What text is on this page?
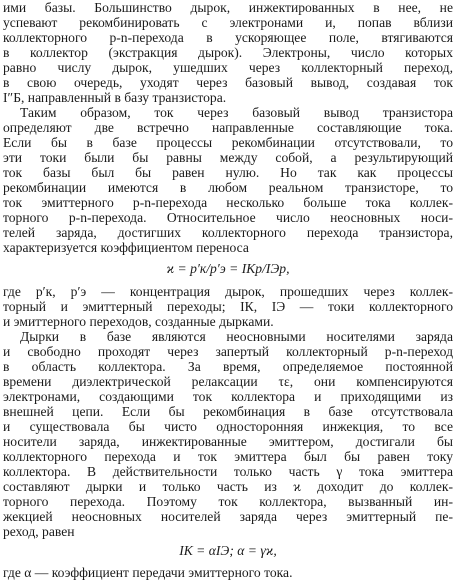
ими базы. Большинство дырок, инжектированных в нее, не
успевают рекомбинировать с электронами и, попав вблизи
коллекторного p-n-перехода в ускоряющее поле, втягиваются
в коллектор (экстракция дырок). Электроны, число которых
равно числу дырок, ушедших через коллекторный переход,
в свою очередь, уходят через базовый вывод, создавая ток
I″Б, направленный в базу транзистора.
Таким образом, ток через базовый вывод транзистора
определяют две встречно направленные составляющие тока.
Если бы в базе процессы рекомбинации отсутствовали, то
эти токи были бы равны между собой, а результирующий
ток базы был бы равен нулю. Но так как процессы
рекомбинации имеются в любом реальном транзисторе, то
ток эмиттерного p-n-перехода несколько больше тока коллек-
торного p-n-перехода. Относительное число неосновных носи-
телей заряда, достигших коллекторного перехода транзистора,
характеризуется коэффициентом переноса
ϰ = p′к/p′э = IКр/IЭр,
где p′к, p′э — концентрация дырок, прошедших через коллек-
торный и эмиттерный переходы; IК, IЭ — токи коллекторного
и эмиттерного переходов, созданные дырками.
Дырки в базе являются неосновными носителями заряда
и свободно проходят через запертый коллекторный p-n-переход
в область коллектора. За время, определяемое постоянной
времени диэлектрической релаксации τε, они компенсируются
электронами, создающими ток коллектора и приходящими из
внешней цепи. Если бы рекомбинация в базе отсутствовала
и существовала бы чисто односторонняя инжекция, то все
носители заряда, инжектированные эмиттером, достигали бы
коллекторного перехода и ток эмиттера был бы равен току
коллектора. В действительности только часть γ тока эмиттера
составляют дырки и только часть из ϰ доходит до коллек-
торного перехода. Поэтому ток коллектора, вызванный ин-
жекцией неосновных носителей заряда через эмиттерный пе-
реход, равен
IК = αIЭ; α = γϰ,
где α — коэффициент передачи эмиттерного тока.
